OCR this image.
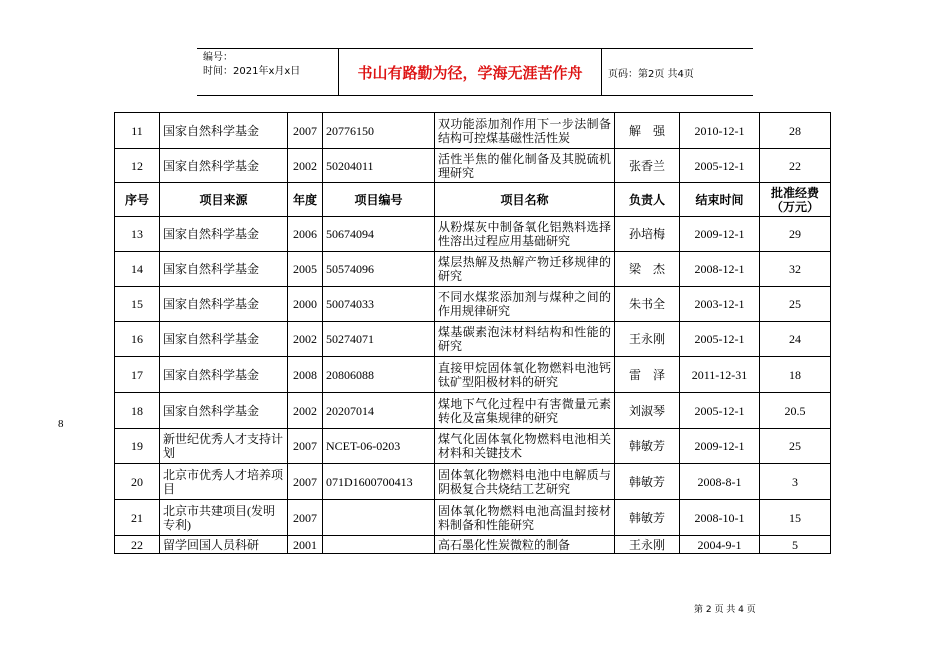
编号：
时间：2021年x月x日	书山有路勤为径，学海无涯苦作舟	页码：第2页 共4页
8
11	国家自然科学基金	2007	20776150	双功能添加剂作用下一步法制备结构可控煤基磁性活性炭	解　强	2010-12-1	28
12	国家自然科学基金	2002	50204011	活性半焦的催化制备及其脱硫机理研究	张香兰	2005-12-1	22
序号	项目来源	年度	项目编号	项目名称	负责人	结束时间	批准经费（万元）
13	国家自然科学基金	2006	50674094	从粉煤灰中制备氧化铝熟料选择性溶出过程应用基础研究	孙培梅	2009-12-1	29
14	国家自然科学基金	2005	50574096	煤层热解及热解产物迁移规律的研究	梁　杰	2008-12-1	32
15	国家自然科学基金	2000	50074033	不同水煤浆添加剂与煤种之间的作用规律研究	朱书全	2003-12-1	25
16	国家自然科学基金	2002	50274071	煤基碳素泡沫材料结构和性能的研究	王永刚	2005-12-1	24
17	国家自然科学基金	2008	20806088	直接甲烷固体氧化物燃料电池钙钛矿型阳极材料的研究	雷　泽	2011-12-31	18
18	国家自然科学基金	2002	20207014	煤地下气化过程中有害微量元素转化及富集规律的研究	刘淑琴	2005-12-1	20.5
19	新世纪优秀人才支持计划	2007	NCET-06-0203	煤气化固体氧化物燃料电池相关材料和关键技术	韩敏芳	2009-12-1	25
20	北京市优秀人才培养项目	2007	071D1600700413	固体氧化物燃料电池中电解质与阴极复合共烧结工艺研究	韩敏芳	2008-8-1	3
21	北京市共建项目(发明专利)	2007		固体氧化物燃料电池高温封接材料制备和性能研究	韩敏芳	2008-10-1	15
22	留学回国人员科研	2001		高石墨化性炭微粒的制备	王永刚	2004-9-1	5
第 2 页 共 4 页
